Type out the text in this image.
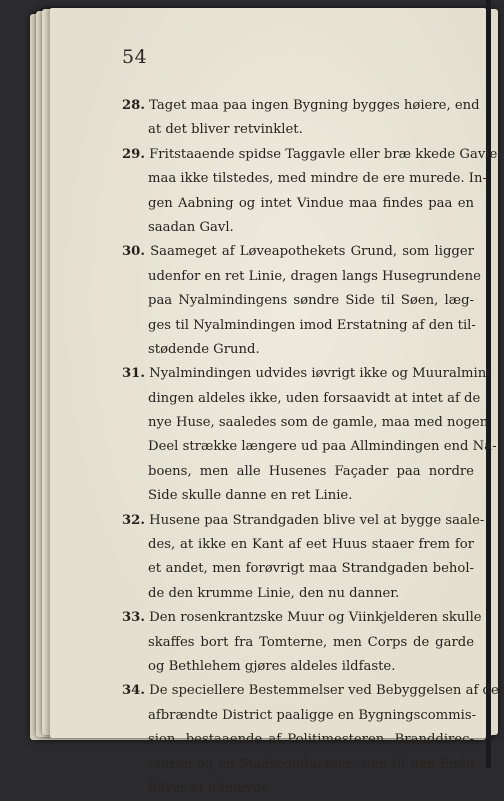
54
28. Taget maa paa ingen Bygning bygges høiere, end
at det bliver retvinklet.
29. Fritstaaende spidse Taggavle eller bræ kkede Gavle
maa ikke tilstedes, med mindre de ere murede. In-
gen Aabning og intet Vindue maa findes paa en
saadan Gavl.
30. Saameget af Løveapothekets Grund, som ligger
udenfor en ret Linie, dragen langs Husegrundene
paa Nyalmindingens søndre Side til Søen, læg-
ges til Nyalmindingen imod Erstatning af den til-
stødende Grund.
31. Nyalmindingen udvides iøvrigt ikke og Muuralmin-
dingen aldeles ikke, uden forsaavidt at intet af de
nye Huse, saaledes som de gamle, maa med nogen
Deel strække længere ud paa Allmindingen end Na-
boens, men alle Husenes Façader paa nordre
Side skulle danne en ret Linie.
32. Husene paa Strandgaden blive vel at bygge saale-
des, at ikke en Kant af eet Huus staaer frem for
et andet, men forøvrigt maa Strandgaden behol-
de den krumme Linie, den nu danner.
33. Den rosenkrantzske Muur og Viinkjelderen skulle
skaffes bort fra Tomterne, men Corps de garde
og Bethlehem gjøres aldeles ildfaste.
34. De speciellere Bestemmelser ved Bebyggelsen af det
afbrændte District paaligge en Bygningscommis-
sion, bestaaende af Politimesteren, Branddirec-
teuren og en Stadsconducteur, som til den Ende
bliver at udnævne.
